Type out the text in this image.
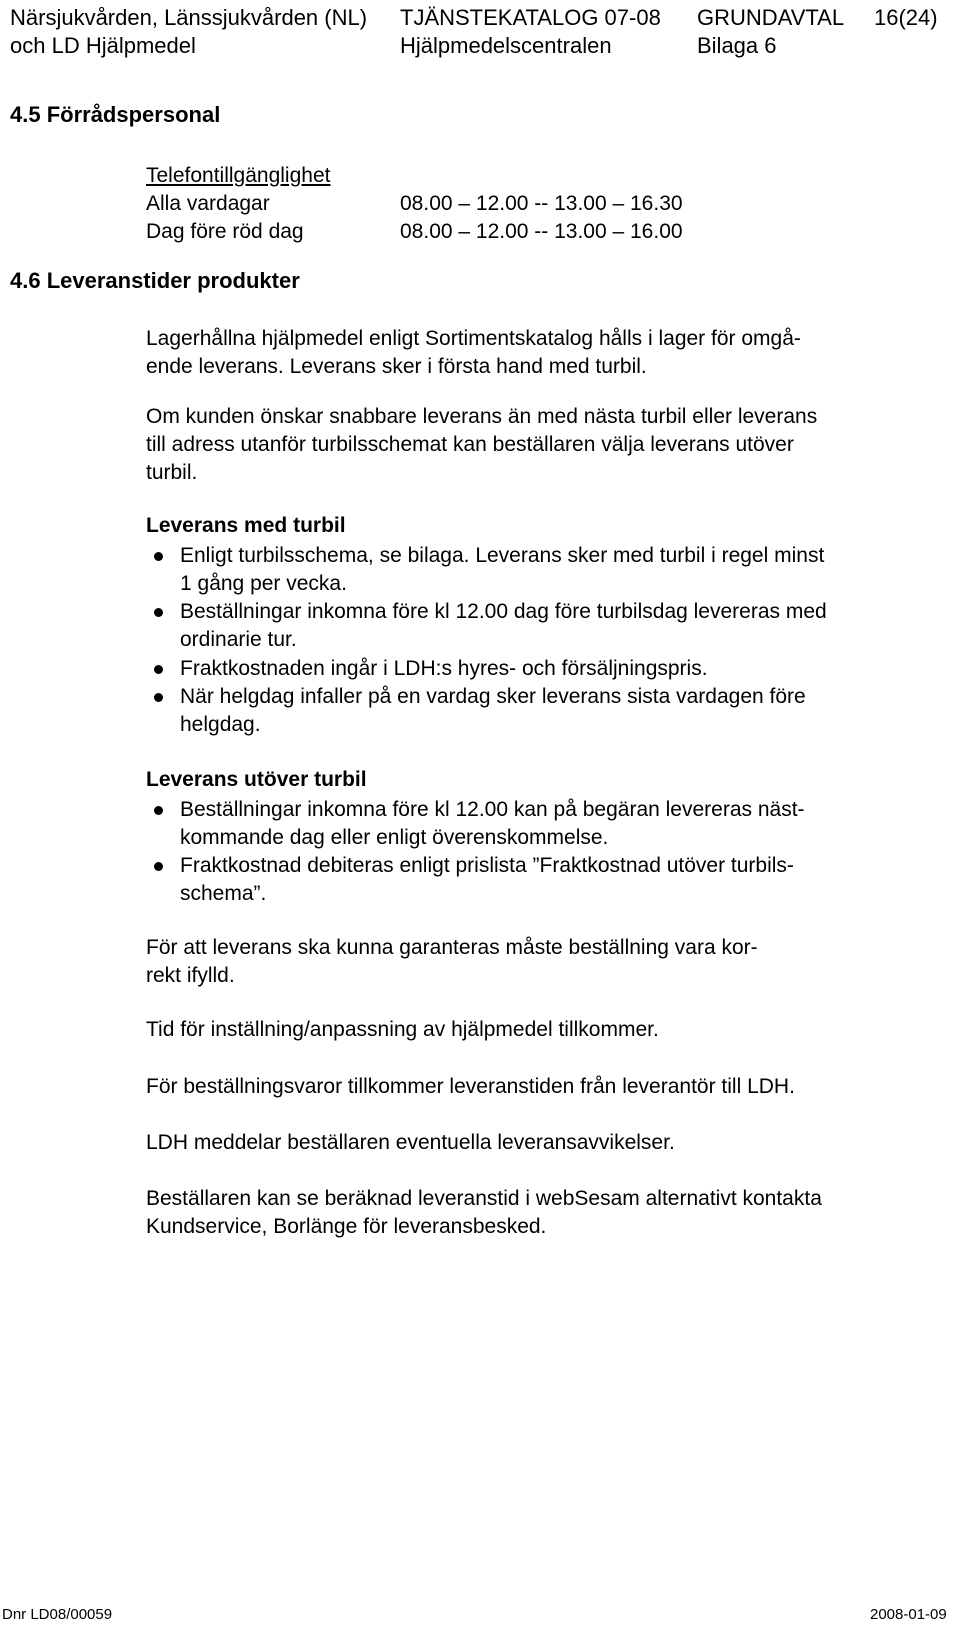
Närsjukvården, Länssjukvården (NL)
och LD Hjälpmedel
TJÄNSTEKATALOG 07-08
Hjälpmedelscentralen
GRUNDAVTAL 16(24)
Bilaga 6
4.5 Förrådspersonal
Telefontillgänglighet
Alla vardagar	08.00 – 12.00 -- 13.00 – 16.30
Dag före röd dag	08.00 – 12.00 -- 13.00 – 16.00
4.6 Leveranstider produkter
Lagerhållna hjälpmedel enligt Sortimentskatalog hålls i lager för omgå-
ende leverans. Leverans sker i första hand med turbil.
Om kunden önskar snabbare leverans än med nästa turbil eller leverans
till adress utanför turbilsschemat kan beställaren välja leverans utöver
turbil.
Leverans med turbil
Enligt turbilsschema, se bilaga. Leverans sker med turbil i regel minst
1 gång per vecka.
Beställningar inkomna före kl 12.00 dag före turbilsdag levereras med
ordinarie tur.
Fraktkostnaden ingår i LDH:s hyres- och försäljningspris.
När helgdag infaller på en vardag sker leverans sista vardagen före
helgdag.
Leverans utöver turbil
Beställningar inkomna före kl 12.00 kan på begäran levereras näst-
kommande dag eller enligt överenskommelse.
Fraktkostnad debiteras enligt prislista ”Fraktkostnad utöver turbils-
schema”.
För att leverans ska kunna garanteras måste beställning vara kor-
rekt ifylld.
Tid för inställning/anpassning av hjälpmedel tillkommer.
För beställningsvaror tillkommer leveranstiden från leverantör till LDH.
LDH meddelar beställaren eventuella leveransavvikelser.
Beställaren kan se beräknad leveranstid i webSesam alternativt kontakta
Kundservice, Borlänge för leveransbesked.
Dnr LD08/00059	2008-01-09
